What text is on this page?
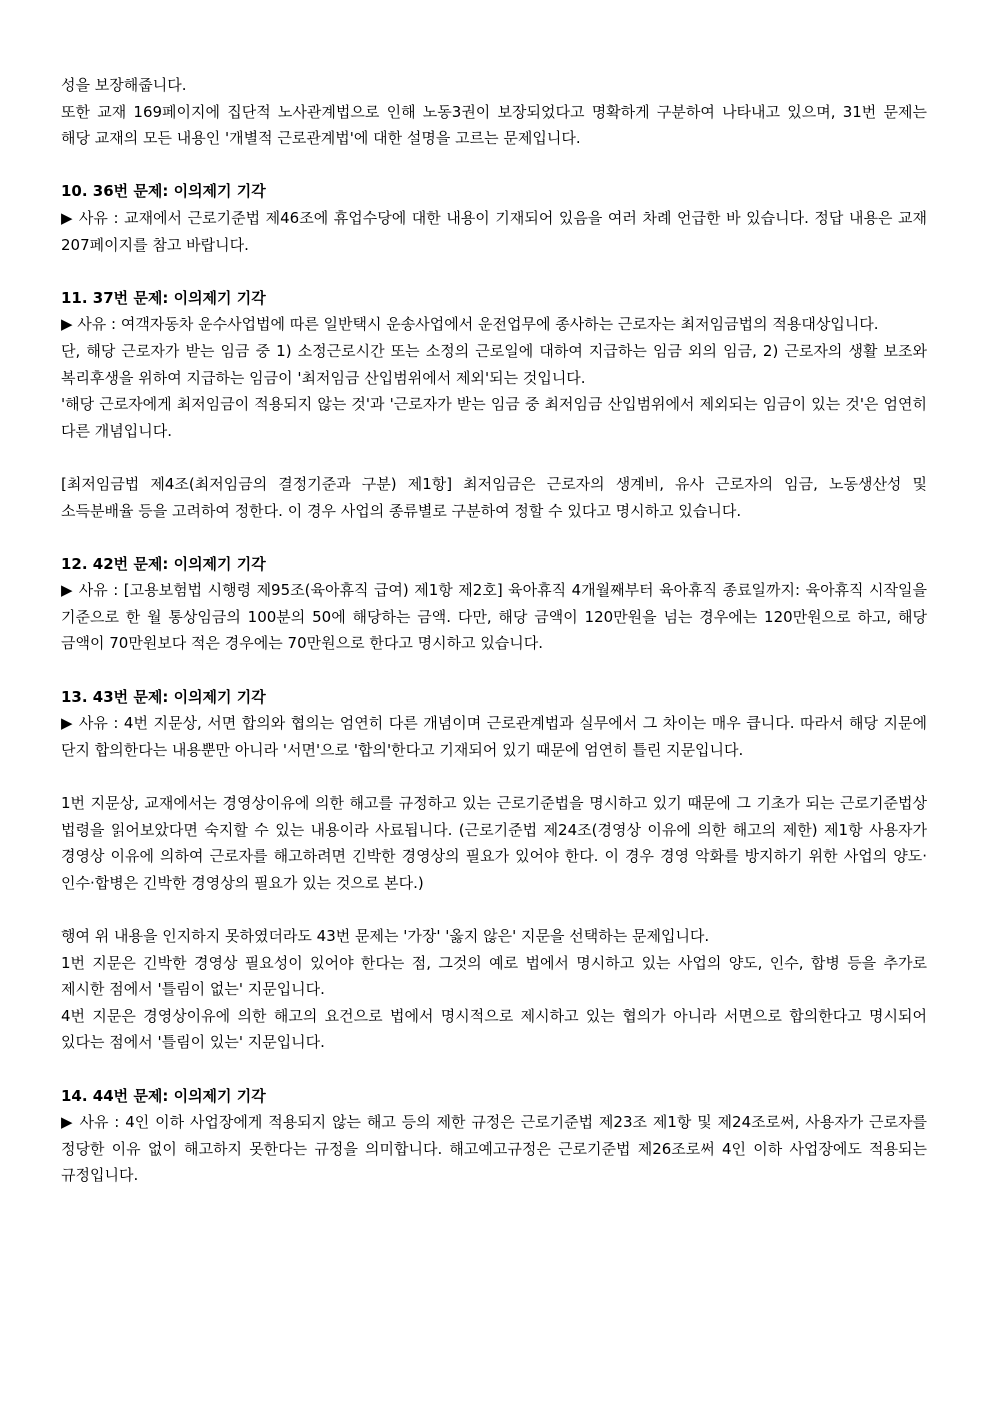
성을 보장해줍니다.

또한 교재 169페이지에 집단적 노사관계법으로 인해 노동3권이 보장되었다고 명확하게 구분하여 나타내고 있으며, 31번 문제는 해당 교재의 모든 내용인 '개별적 근로관계법'에 대한 설명을 고르는 문제입니다.

10. 36번 문제: 이의제기 기각

▶ 사유 : 교재에서 근로기준법 제46조에 휴업수당에 대한 내용이 기재되어 있음을 여러 차례 언급한 바 있습니다. 정답 내용은 교재 207페이지를 참고 바랍니다.

11. 37번 문제: 이의제기 기각

▶ 사유 : 여객자동차 운수사업법에 따른 일반택시 운송사업에서 운전업무에 종사하는 근로자는 최저임금법의 적용대상입니다.

단, 해당 근로자가 받는 임금 중 1) 소정근로시간 또는 소정의 근로일에 대하여 지급하는 임금 외의 임금, 2) 근로자의 생활 보조와 복리후생을 위하여 지급하는 임금이 '최저임금 산입범위에서 제외'되는 것입니다.

'해당 근로자에게 최저임금이 적용되지 않는 것'과 '근로자가 받는 임금 중 최저임금 산입범위에서 제외되는 임금이 있는 것'은 엄연히 다른 개념입니다.

[최저임금법 제4조(최저임금의 결정기준과 구분) 제1항] 최저임금은 근로자의 생계비, 유사 근로자의 임금, 노동생산성 및 소득분배율 등을 고려하여 정한다. 이 경우 사업의 종류별로 구분하여 정할 수 있다고 명시하고 있습니다.

12. 42번 문제: 이의제기 기각

▶ 사유 : [고용보험법 시행령 제95조(육아휴직 급여) 제1항 제2호] 육아휴직 4개월째부터 육아휴직 종료일까지: 육아휴직 시작일을 기준으로 한 월 통상임금의 100분의 50에 해당하는 금액. 다만, 해당 금액이 120만원을 넘는 경우에는 120만원으로 하고, 해당 금액이 70만원보다 적은 경우에는 70만원으로 한다고 명시하고 있습니다.

13. 43번 문제: 이의제기 기각

▶ 사유 : 4번 지문상, 서면 합의와 협의는 엄연히 다른 개념이며 근로관계법과 실무에서 그 차이는 매우 큽니다. 따라서 해당 지문에 단지 합의한다는 내용뿐만 아니라 '서면'으로 '합의'한다고 기재되어 있기 때문에 엄연히 틀린 지문입니다.

1번 지문상, 교재에서는 경영상이유에 의한 해고를 규정하고 있는 근로기준법을 명시하고 있기 때문에 그 기초가 되는 근로기준법상 법령을 읽어보았다면 숙지할 수 있는 내용이라 사료됩니다. (근로기준법 제24조(경영상 이유에 의한 해고의 제한) 제1항 사용자가 경영상 이유에 의하여 근로자를 해고하려면 긴박한 경영상의 필요가 있어야 한다. 이 경우 경영 악화를 방지하기 위한 사업의 양도·인수·합병은 긴박한 경영상의 필요가 있는 것으로 본다.)

행여 위 내용을 인지하지 못하였더라도 43번 문제는 '가장' '옳지 않은' 지문을 선택하는 문제입니다.

1번 지문은 긴박한 경영상 필요성이 있어야 한다는 점, 그것의 예로 법에서 명시하고 있는 사업의 양도, 인수, 합병 등을 추가로 제시한 점에서 '틀림이 없는' 지문입니다.

4번 지문은 경영상이유에 의한 해고의 요건으로 법에서 명시적으로 제시하고 있는 협의가 아니라 서면으로 합의한다고 명시되어 있다는 점에서 '틀림이 있는' 지문입니다.

14. 44번 문제: 이의제기 기각

▶ 사유 : 4인 이하 사업장에게 적용되지 않는 해고 등의 제한 규정은 근로기준법 제23조 제1항 및 제24조로써, 사용자가 근로자를 정당한 이유 없이 해고하지 못한다는 규정을 의미합니다. 해고예고규정은 근로기준법 제26조로써 4인 이하 사업장에도 적용되는 규정입니다.
